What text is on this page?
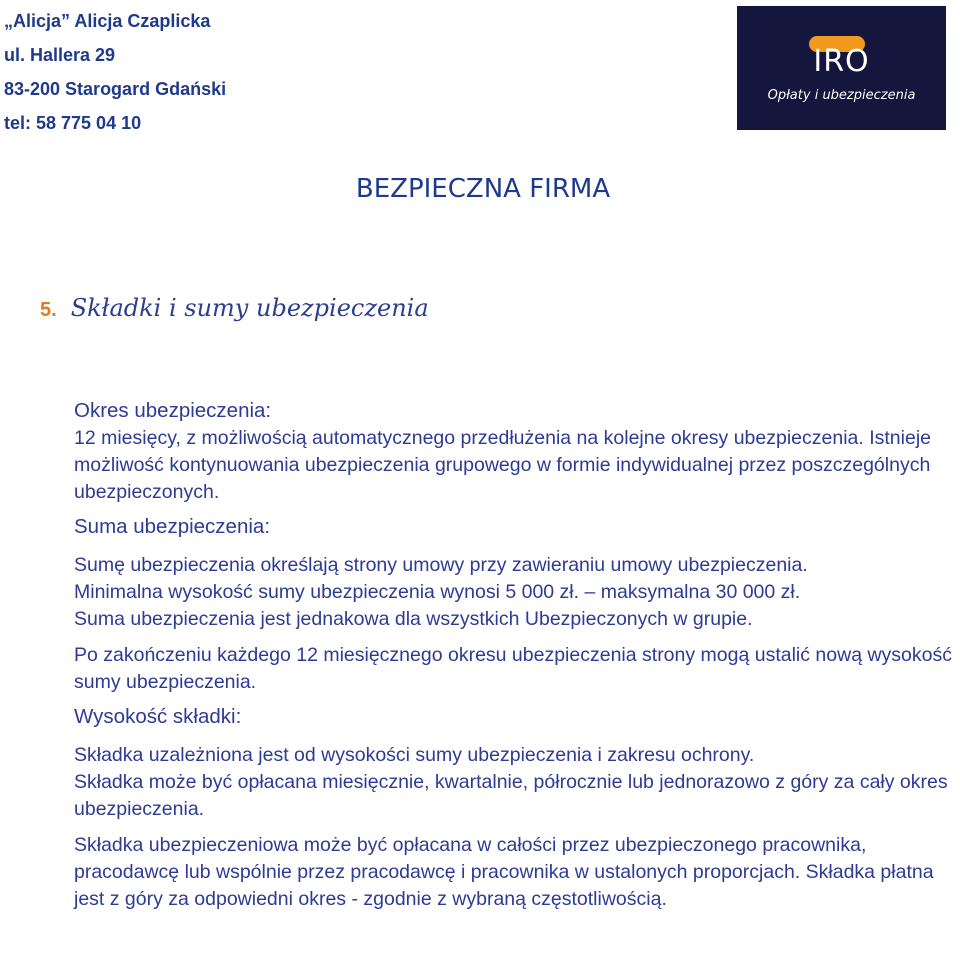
„Alicja” Alicja Czaplicka
ul. Hallera 29
83-200 Starogard Gdański
tel: 58 775 04 10
IRO
Opłaty i ubezpieczenia
BEZPIECZNA FIRMA
5. Składki i sumy ubezpieczenia
Okres ubezpieczenia:

12 miesięcy, z możliwością automatycznego przedłużenia na kolejne okresy ubezpieczenia. Istnieje możliwość kontynuowania ubezpieczenia grupowego w formie indywidualnej przez poszczególnych ubezpieczonych.

Suma ubezpieczenia:

Sumę ubezpieczenia określają strony umowy przy zawieraniu umowy ubezpieczenia.

Minimalna wysokość sumy ubezpieczenia wynosi 5 000 zł. – maksymalna 30 000 zł.

Suma ubezpieczenia jest jednakowa dla wszystkich Ubezpieczonych w grupie.

Po zakończeniu każdego 12 miesięcznego okresu ubezpieczenia strony mogą ustalić nową wysokość sumy ubezpieczenia.

Wysokość składki:

Składka uzależniona jest od wysokości sumy ubezpieczenia i zakresu ochrony.

Składka może być opłacana miesięcznie, kwartalnie, półrocznie lub jednorazowo z góry za cały okres ubezpieczenia.

Składka ubezpieczeniowa może być opłacana w całości przez ubezpieczonego pracownika, pracodawcę lub wspólnie przez pracodawcę i pracownika w ustalonych proporcjach. Składka płatna jest z góry za odpowiedni okres - zgodnie z wybraną częstotliwością.
